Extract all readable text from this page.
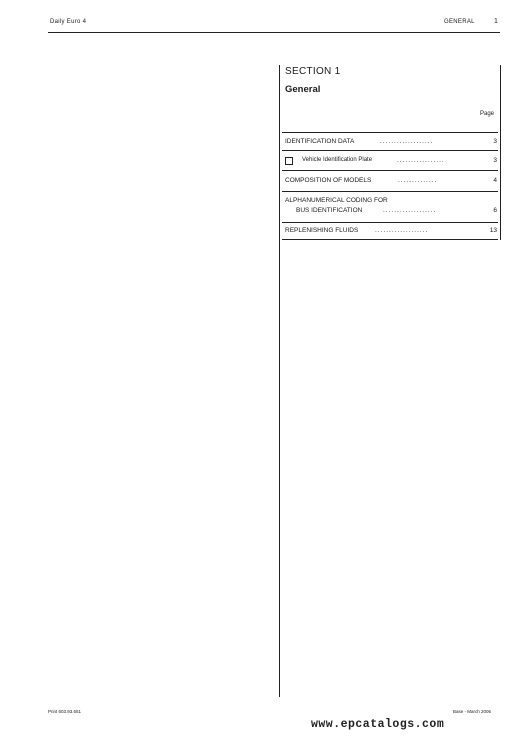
Daily Euro 4	GENERAL	1
SECTION 1
General
Page
IDENTIFICATION DATA	...................	3
Vehicle Identification Plate	.................	3
COMPOSITION OF MODELS	..............	4
ALPHANUMERICAL CODING FOR
BUS IDENTIFICATION	...................	6
REPLENISHING FLUIDS	...................	13
Print 603.93.651	Base - March 2006
www.epcatalogs.com
